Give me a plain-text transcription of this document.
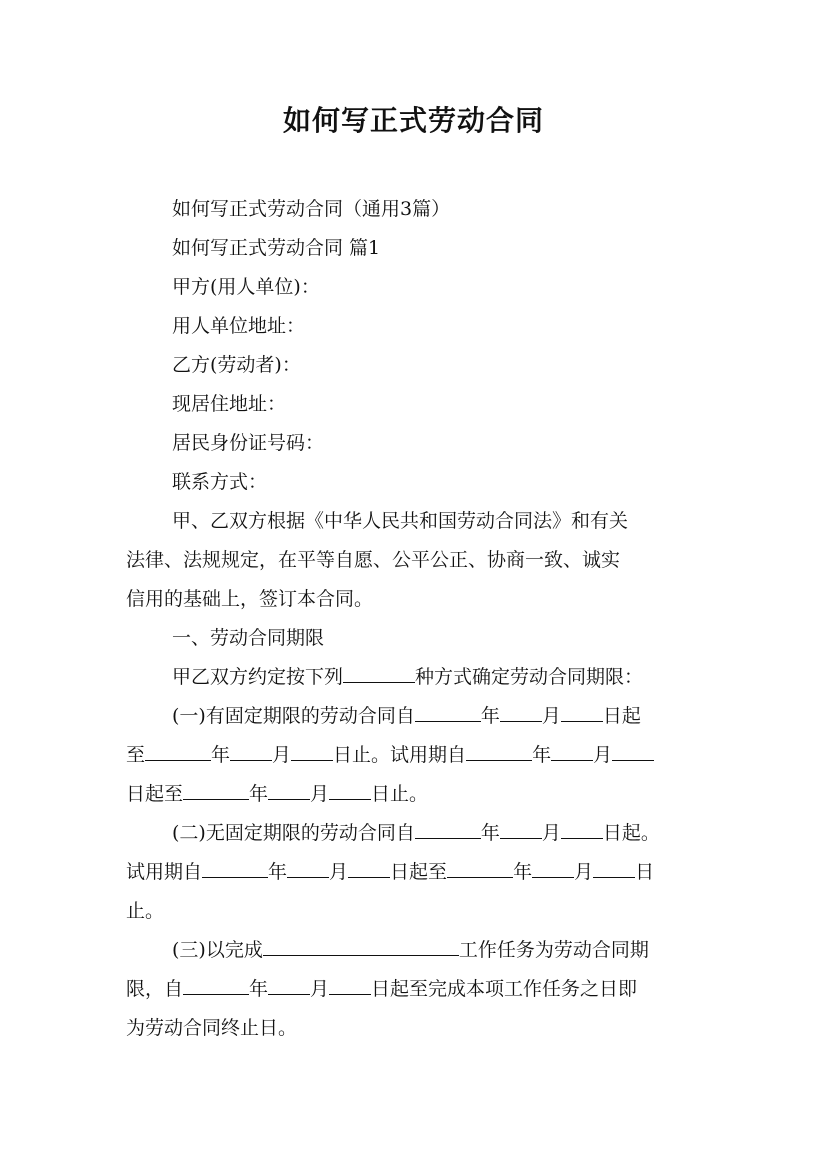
如何写正式劳动合同
如何写正式劳动合同（通用3篇）
如何写正式劳动合同 篇1
甲方(用人单位)：
用人单位地址：
乙方(劳动者)：
现居住地址：
居民身份证号码：
联系方式：
甲、乙双方根据《中华人民共和国劳动合同法》和有关
法律、法规规定，在平等自愿、公平公正、协商一致、诚实
信用的基础上，签订本合同。
一、劳动合同期限
甲乙双方约定按下列	种方式确定劳动合同期限：
(一)有固定期限的劳动合同自	年 月 日起
至	年 月 日止。试用期自	年 月
日起至	年 月 日止。
(二)无固定期限的劳动合同自	年 月 日起。
试用期自	年 月 日起至	年 月 日
止。
(三)以完成	工作任务为劳动合同期
限，自	年 月 日起至完成本项工作任务之日即
为劳动合同终止日。
